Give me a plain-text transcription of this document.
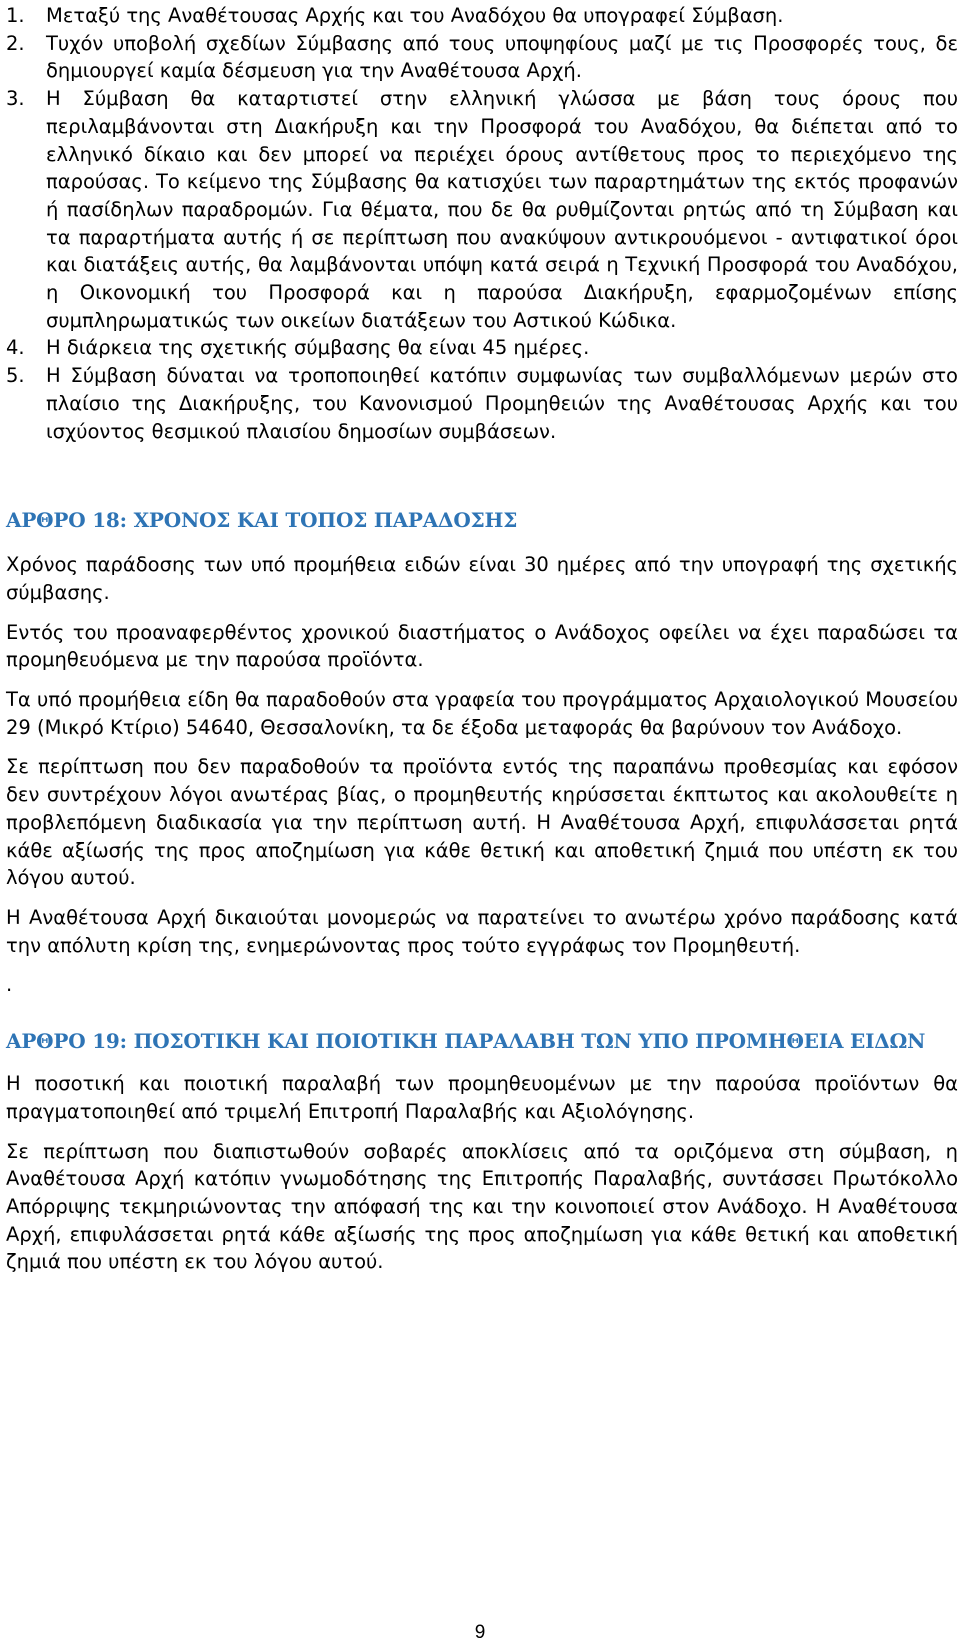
1. Μεταξύ της Αναθέτουσας Αρχής και του Αναδόχου θα υπογραφεί Σύμβαση.
2. Τυχόν υποβολή σχεδίων Σύμβασης από τους υποψηφίους μαζί με τις Προσφορές τους, δε δημιουργεί καμία δέσμευση για την Αναθέτουσα Αρχή.
3. Η Σύμβαση θα καταρτιστεί στην ελληνική γλώσσα με βάση τους όρους που περιλαμβάνονται στη Διακήρυξη και την Προσφορά του Αναδόχου, θα διέπεται από το ελληνικό δίκαιο και δεν μπορεί να περιέχει όρους αντίθετους προς το περιεχόμενο της παρούσας. Το κείμενο της Σύμβασης θα κατισχύει των παραρτημάτων της εκτός προφανών ή πασίδηλων παραδρομών. Για θέματα, που δε θα ρυθμίζονται ρητώς από τη Σύμβαση και τα παραρτήματα αυτής ή σε περίπτωση που ανακύψουν αντικρουόμενοι - αντιφατικοί όροι και διατάξεις αυτής, θα λαμβάνονται υπόψη κατά σειρά η Τεχνική Προσφορά του Αναδόχου, η Οικονομική του Προσφορά και η παρούσα Διακήρυξη, εφαρμοζομένων επίσης συμπληρωματικώς των οικείων διατάξεων του Αστικού Κώδικα.
4. Η διάρκεια της σχετικής σύμβασης θα είναι 45 ημέρες.
5. Η Σύμβαση δύναται να τροποποιηθεί κατόπιν συμφωνίας των συμβαλλόμενων μερών στο πλαίσιο της Διακήρυξης, του Κανονισμού Προμηθειών της Αναθέτουσας Αρχής και του ισχύοντος θεσμικού πλαισίου δημοσίων συμβάσεων.
ΑΡΘΡΟ 18: ΧΡΟΝΟΣ ΚΑΙ ΤΟΠΟΣ ΠΑΡΑΔΟΣΗΣ

Χρόνος παράδοσης των υπό προμήθεια ειδών είναι 30 ημέρες από την υπογραφή της σχετικής σύμβασης.

Εντός του προαναφερθέντος χρονικού διαστήματος ο Ανάδοχος οφείλει να έχει παραδώσει τα προμηθευόμενα με την παρούσα προϊόντα.

Τα υπό προμήθεια είδη θα παραδοθούν στα γραφεία του προγράμματος Αρχαιολογικού Μουσείου 29 (Μικρό Κτίριο) 54640, Θεσσαλονίκη, τα δε έξοδα μεταφοράς θα βαρύνουν τον Ανάδοχο.

Σε περίπτωση που δεν παραδοθούν τα προϊόντα εντός της παραπάνω προθεσμίας και εφόσον δεν συντρέχουν λόγοι ανωτέρας βίας, ο προμηθευτής κηρύσσεται έκπτωτος και ακολουθείτε η προβλεπόμενη διαδικασία για την περίπτωση αυτή. Η Αναθέτουσα Αρχή, επιφυλάσσεται ρητά κάθε αξίωσής της προς αποζημίωση για κάθε θετική και αποθετική ζημιά που υπέστη εκ του λόγου αυτού.

Η Αναθέτουσα Αρχή δικαιούται μονομερώς να παρατείνει το ανωτέρω χρόνο παράδοσης κατά την απόλυτη κρίση της, ενημερώνοντας προς τούτο εγγράφως τον Προμηθευτή.

.

ΑΡΘΡΟ 19: ΠΟΣΟΤΙΚΗ ΚΑΙ ΠΟΙΟΤΙΚΗ ΠΑΡΑΛΑΒΗ ΤΩΝ ΥΠΟ ΠΡΟΜΗΘΕΙΑ ΕΙΔΩΝ

Η ποσοτική και ποιοτική παραλαβή των προμηθευομένων με την παρούσα προϊόντων θα πραγματοποιηθεί από τριμελή Επιτροπή Παραλαβής και Αξιολόγησης.

Σε περίπτωση που διαπιστωθούν σοβαρές αποκλίσεις από τα οριζόμενα στη σύμβαση, η Αναθέτουσα Αρχή κατόπιν γνωμοδότησης της Επιτροπής Παραλαβής, συντάσσει Πρωτόκολλο Απόρριψης τεκμηριώνοντας την απόφασή της και την κοινοποιεί στον Ανάδοχο. Η Αναθέτουσα Αρχή, επιφυλάσσεται ρητά κάθε αξίωσής της προς αποζημίωση για κάθε θετική και αποθετική ζημιά που υπέστη εκ του λόγου αυτού.

9
